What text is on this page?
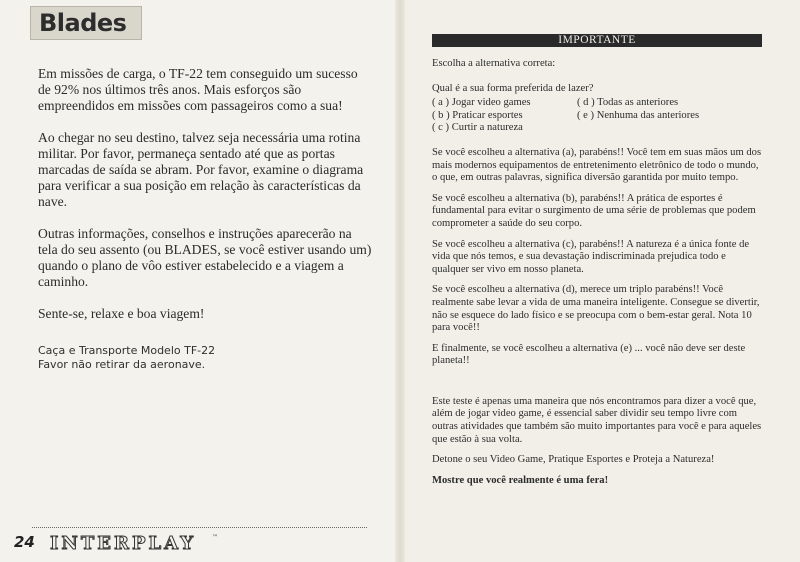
Blades

Em missões de carga, o TF-22 tem conseguido um sucesso de 92% nos últimos três anos. Mais esforços são empreendidos em missões com passageiros como a sua!

Ao chegar no seu destino, talvez seja necessária uma rotina militar. Por favor, permaneça sentado até que as portas marcadas de saída se abram. Por favor, examine o diagrama para verificar a sua posição em relação às características da nave.

Outras informações, conselhos e instruções aparecerão na tela do seu assento (ou BLADES, se você estiver usando um) quando o plano de vôo estiver estabelecido e a viagem a caminho.

Sente-se, relaxe e boa viagem!

Caça e Transporte Modelo TF-22
Favor não retirar da aeronave.
24 INTERPLAY	™
IMPORTANTE

Escolha a alternativa correta:

Qual é a sua forma preferida de lazer?

( a ) Jogar video games	( d ) Todas as anteriores
( b ) Praticar esportes	( e ) Nenhuma das anteriores
( c ) Curtir a natureza

Se você escolheu a alternativa (a), parabéns!! Você tem em suas mãos um dos mais modernos equipamentos de entretenimento eletrônico de todo o mundo, o que, em outras palavras, significa diversão garantida por muito tempo.

Se você escolheu a alternativa (b), parabéns!! A prática de esportes é fundamental para evitar o surgimento de uma série de problemas que podem comprometer a saúde do seu corpo.

Se você escolheu a alternativa (c), parabéns!! A natureza é a única fonte de vida que nós temos, e sua devastação indiscriminada prejudica todo e qualquer ser vivo em nosso planeta.

Se você escolheu a alternativa (d), merece um triplo parabéns!! Você realmente sabe levar a vida de uma maneira inteligente. Consegue se divertir, não se esquece do lado físico e se preocupa com o bem-estar geral. Nota 10 para você!!

E finalmente, se você escolheu a alternativa (e) ... você não deve ser deste planeta!!

Este teste é apenas uma maneira que nós encontramos para dizer a você que, além de jogar video game, é essencial saber dividir seu tempo livre com outras atividades que também são muito importantes para você e para aqueles que estão à sua volta.

Detone o seu Video Game, Pratique Esportes e Proteja a Natureza!

Mostre que você realmente é uma fera!
